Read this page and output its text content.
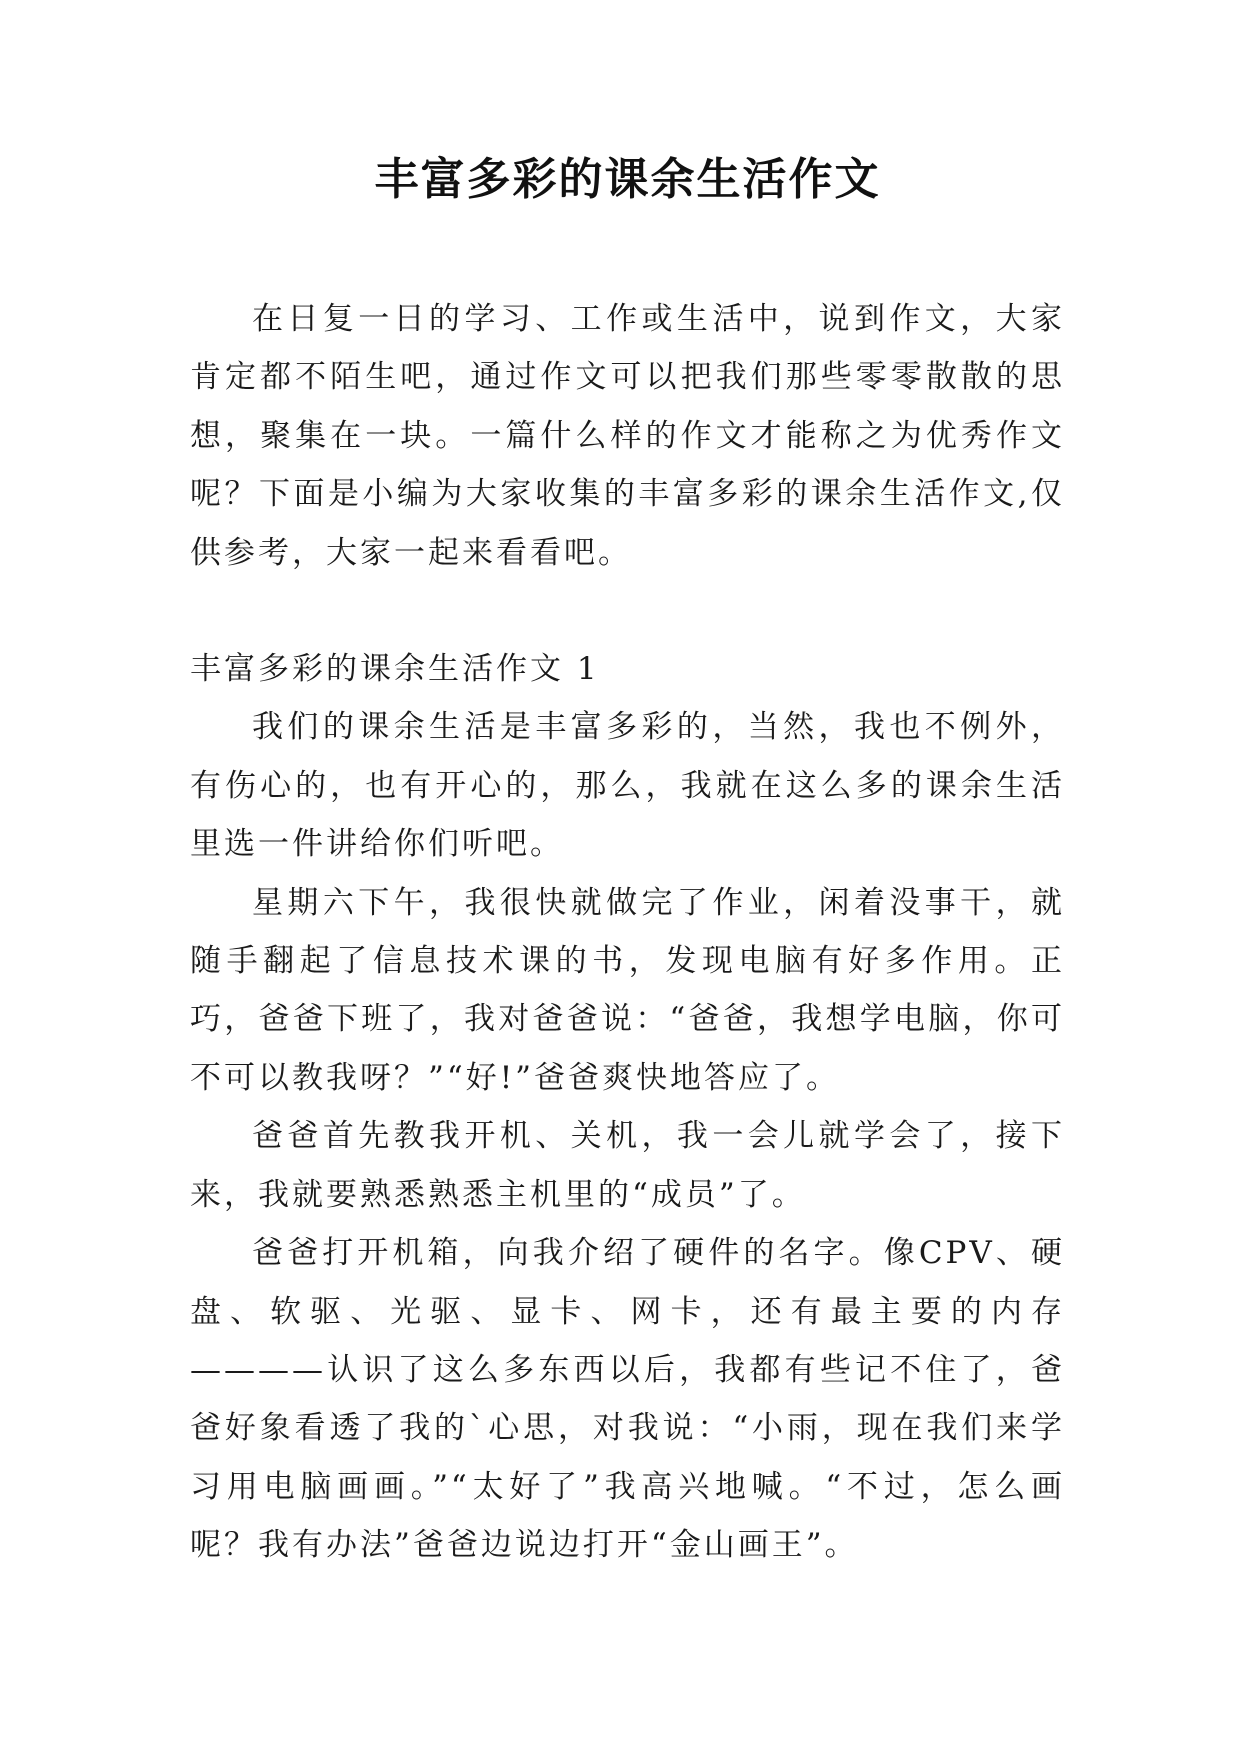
丰富多彩的课余生活作文

在日复一日的学习、工作或生活中，说到作文，大家肯定都不陌生吧，通过作文可以把我们那些零零散散的思想，聚集在一块。一篇什么样的作文才能称之为优秀作文呢？下面是小编为大家收集的丰富多彩的课余生活作文,仅供参考，大家一起来看看吧。

丰富多彩的课余生活作文 1

我们的课余生活是丰富多彩的，当然，我也不例外，有伤心的，也有开心的，那么，我就在这么多的课余生活里选一件讲给你们听吧。

星期六下午，我很快就做完了作业，闲着没事干，就随手翻起了信息技术课的书，发现电脑有好多作用。正巧，爸爸下班了，我对爸爸说：“爸爸，我想学电脑，你可不可以教我呀？”“好!”爸爸爽快地答应了。

爸爸首先教我开机、关机，我一会儿就学会了，接下来，我就要熟悉熟悉主机里的“成员”了。

爸爸打开机箱，向我介绍了硬件的名字。像CPV、硬盘、软驱、光驱、显卡、网卡，还有最主要的内存————认识了这么多东西以后，我都有些记不住了，爸爸好象看透了我的`心思，对我说：“小雨，现在我们来学习用电脑画画。”“太好了”我高兴地喊。“不过，怎么画呢？我有办法”爸爸边说边打开“金山画王”。
